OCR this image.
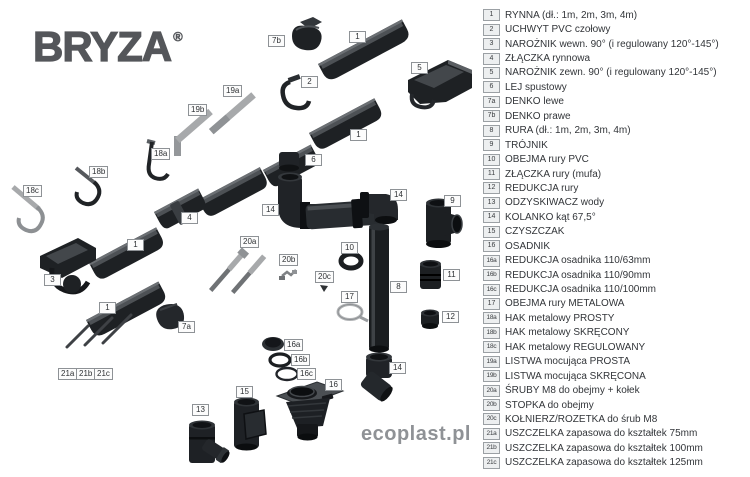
BRYZA ®	7b	1
5
2
19a
19b
18a
18b
18c
1
6
4
1
3
1
7a
21a 21b 21c
14
14
9
10
20a
20b
20c
17
8
11
12
14
16a
16b
16c
16
15
13
ecoplast.pl
1	RYNNA (dł.: 1m, 2m, 3m, 4m)
2	UCHWYT PVC czołowy
3	NAROŻNIK wewn. 90° (i regulowany 120°-145°)
4	ZŁĄCZKA rynnowa
5	NAROŻNIK zewn. 90° (i regulowany 120°-145°)
6	LEJ spustowy
7a DENKO lewe
7b DENKO prawe
8	RURA (dł.: 1m, 2m, 3m, 4m)
9	TRÓJNIK
10 OBEJMA rury PVC
11 ZŁĄCZKA rury (mufa)
12 REDUKCJA rury
13 ODZYSKIWACZ wody
14 KOLANKO kąt 67,5°
15 CZYSZCZAK
16 OSADNIK
16a REDUKCJA osadnika 110/63mm
16b REDUKCJA osadnika 110/90mm
16c REDUKCJA osadnika 110/100mm
17 OBEJMA rury METALOWA
18a HAK metalowy PROSTY
18b HAK metalowy SKRĘCONY
18c HAK metalowy REGULOWANY
19a LISTWA mocująca PROSTA
19b LISTWA mocująca SKRĘCONA
20a ŚRUBY M8 do obejmy + kołek
20b STOPKA do obejmy
20c KOŁNIERZ/ROZETKA do śrub M8
21a USZCZELKA zapasowa do kształtek 75mm
21b USZCZELKA zapasowa do kształtek 100mm
21c USZCZELKA zapasowa do kształtek 125mm
